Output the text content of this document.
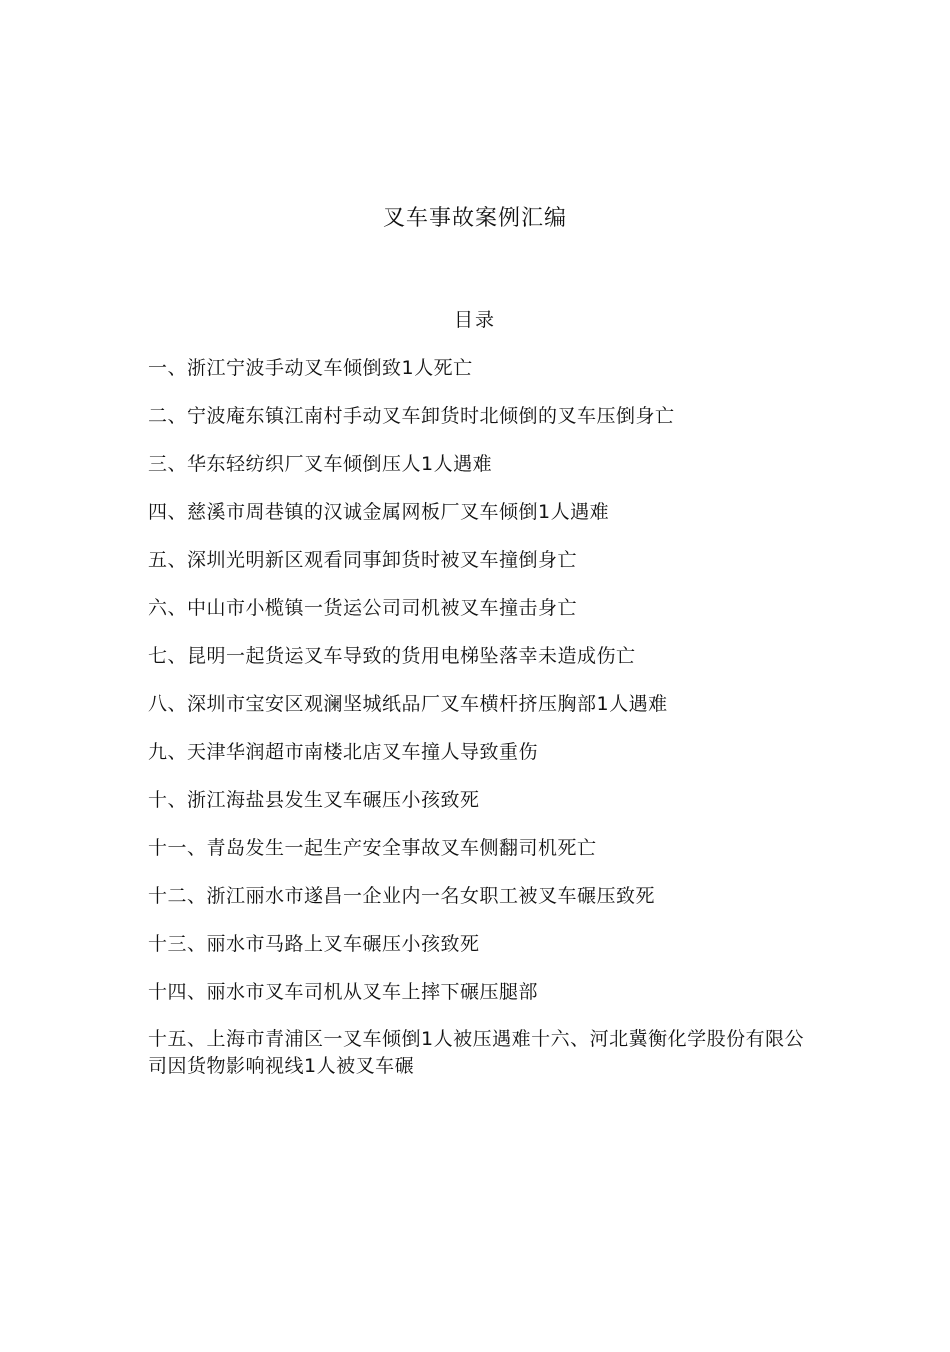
叉车事故案例汇编
目录
一、浙江宁波手动叉车倾倒致1人死亡
二、宁波庵东镇江南村手动叉车卸货时北倾倒的叉车压倒身亡
三、华东轻纺织厂叉车倾倒压人1人遇难
四、慈溪市周巷镇的汉诚金属网板厂叉车倾倒1人遇难
五、深圳光明新区观看同事卸货时被叉车撞倒身亡
六、中山市小榄镇一货运公司司机被叉车撞击身亡
七、昆明一起货运叉车导致的货用电梯坠落幸未造成伤亡
八、深圳市宝安区观澜坚城纸品厂叉车横杆挤压胸部1人遇难
九、天津华润超市南楼北店叉车撞人导致重伤
十、浙江海盐县发生叉车碾压小孩致死
十一、青岛发生一起生产安全事故叉车侧翻司机死亡
十二、浙江丽水市遂昌一企业内一名女职工被叉车碾压致死
十三、丽水市马路上叉车碾压小孩致死
十四、丽水市叉车司机从叉车上摔下碾压腿部
十五、上海市青浦区一叉车倾倒1人被压遇难十六、河北冀衡化学股份有限公司因货物影响视线1人被叉车碾
